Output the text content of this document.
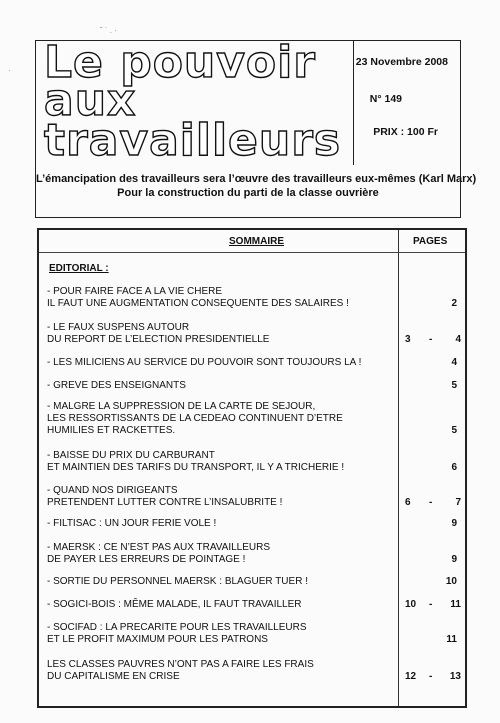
˘ ˙ . ·
· Le pouvoir
aux
travailleurs
23 Novembre 2008
N° 149
PRIX : 100 Fr
L’émancipation des travailleurs sera l’œuvre des travailleurs eux-mêmes (Karl Marx)
Pour la construction du parti de la classe ouvrière
SOMMAIRE	PAGES
EDITORIAL :
- POUR FAIRE FACE A LA VIE CHERE
IL FAUT UNE AUGMENTATION CONSEQUENTE DES SALAIRES !
- LE FAUX SUSPENS AUTOUR
DU REPORT DE L’ELECTION PRESIDENTIELLE
- LES MILICIENS AU SERVICE DU POUVOIR SONT TOUJOURS LA !
- GREVE DES ENSEIGNANTS
- MALGRE LA SUPPRESSION DE LA CARTE DE SEJOUR,
LES RESSORTISSANTS DE LA CEDEAO CONTINUENT D’ETRE
HUMILIES ET RACKETTES.
- BAISSE DU PRIX DU CARBURANT
ET MAINTIEN DES TARIFS DU TRANSPORT, IL Y A TRICHERIE !
- QUAND NOS DIRIGEANTS
PRETENDENT LUTTER CONTRE L’INSALUBRITE !
- FILTISAC : UN JOUR FERIE VOLE !
- MAERSK : CE N’EST PAS AUX TRAVAILLEURS
DE PAYER LES ERREURS DE POINTAGE !
- SORTIE DU PERSONNEL MAERSK : BLAGUER TUER !
- SOGICI-BOIS : MÊME MALADE, IL FAUT TRAVAILLER
- SOCIFAD : LA PRECARITE POUR LES TRAVAILLEURS
ET LE PROFIT MAXIMUM POUR LES PATRONS
LES CLASSES PAUVRES N’ONT PAS A FAIRE LES FRAIS
DU CAPITALISME EN CRISE
2
3 - 4
4
5
5
6
6 - 7
9
9
10
10 - 11
11
12 - 13
